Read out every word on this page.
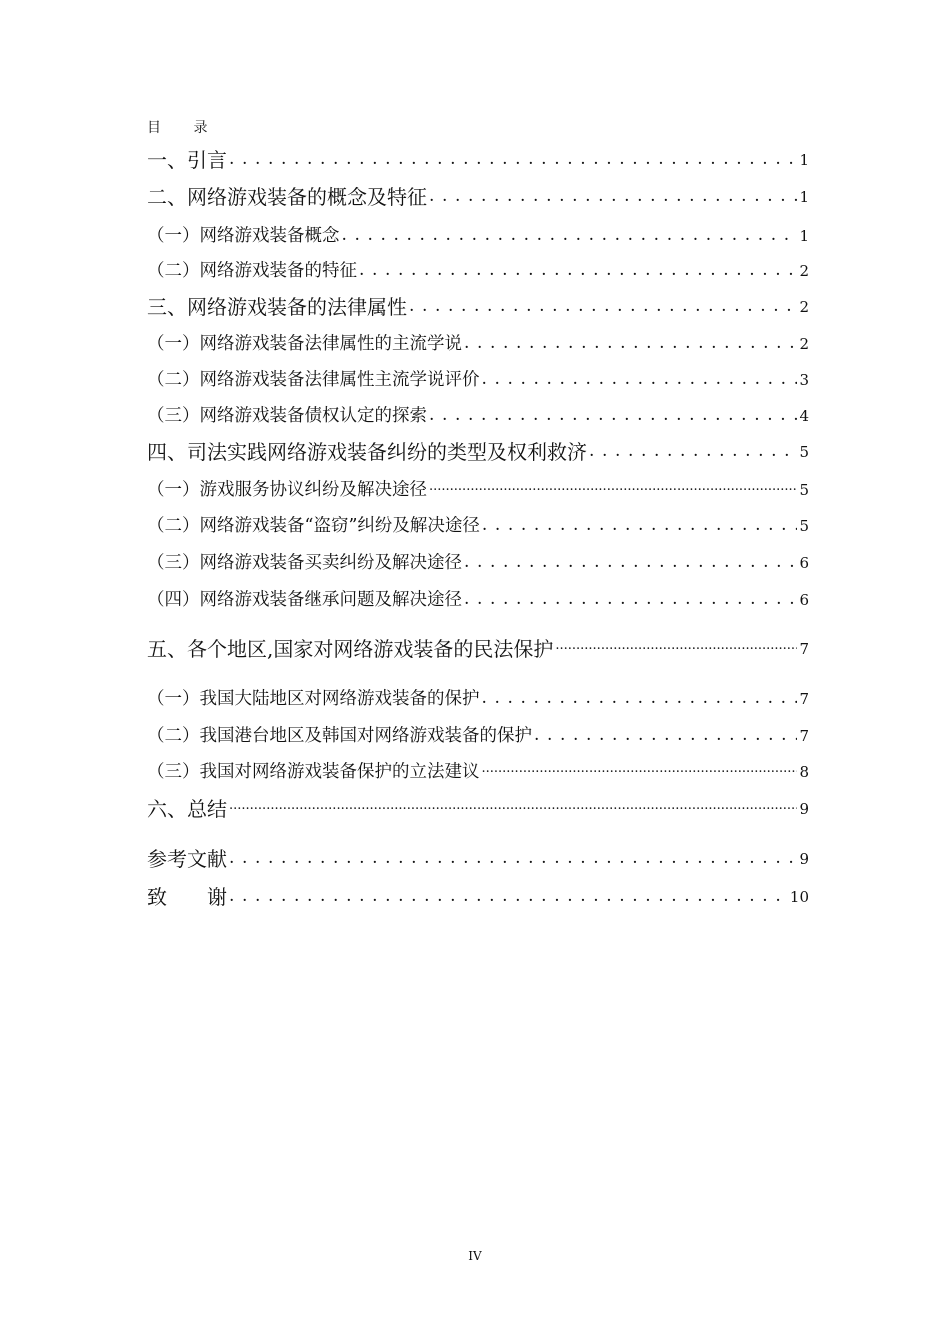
目 录
一、引言 . . .	1
二、网络游戏装备的概念及特征 . . .	1
（一）网络游戏装备概念 . . .	1
（二）网络游戏装备的特征 . . .	2
三、网络游戏装备的法律属性 . . .	2
（一）网络游戏装备法律属性的主流学说 . . .	2
（二）网络游戏装备法律属性主流学说评价 . . .	3
（三）网络游戏装备债权认定的探索 . . .	4
四、司法实践网络游戏装备纠纷的类型及权利救济 . . .	5
（一）游戏服务协议纠纷及解决途径 .....	5
（二）网络游戏装备“盗窃”纠纷及解决途径 . . .	5
（三）网络游戏装备买卖纠纷及解决途径 . . .	6
（四）网络游戏装备继承问题及解决途径 . . .	6
五、各个地区,国家对网络游戏装备的民法保护 .....	7
（一）我国大陆地区对网络游戏装备的保护 . . .	7
（二）我国港台地区及韩国对网络游戏装备的保护 . . .	7
（三）我国对网络游戏装备保护的立法建议 .....	8
六、总结 .....	9
参考文献 . . .	9
致　　谢 . . .	10
IV
